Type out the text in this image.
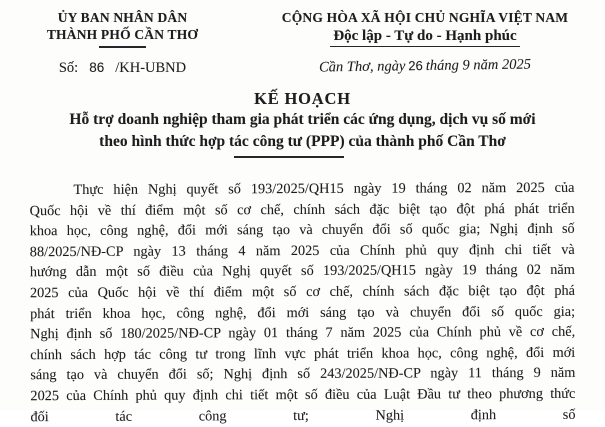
ỦY BAN NHÂN DÂN
THÀNH PHỐ CẦN THƠ
Số: 86 /KH-UBND
CỘNG HÒA XÃ HỘI CHỦ NGHĨA VIỆT NAM
Độc lập - Tự do - Hạnh phúc
Cần Thơ, ngày 26 tháng 9 năm 2025
KẾ HOẠCH
Hỗ trợ doanh nghiệp tham gia phát triển các ứng dụng, dịch vụ số mới
theo hình thức hợp tác công tư (PPP) của thành phố Cần Thơ
Thực hiện Nghị quyết số 193/2025/QH15 ngày 19 tháng 02 năm 2025 của
Quốc hội về thí điểm một số cơ chế, chính sách đặc biệt tạo đột phá phát triển
khoa học, công nghệ, đổi mới sáng tạo và chuyển đổi số quốc gia; Nghị định số
88/2025/NĐ-CP ngày 13 tháng 4 năm 2025 của Chính phủ quy định chi tiết và
hướng dẫn một số điều của Nghị quyết số 193/2025/QH15 ngày 19 tháng 02 năm
2025 của Quốc hội về thí điểm một số cơ chế, chính sách đặc biệt tạo đột phá
phát triển khoa học, công nghệ, đổi mới sáng tạo và chuyển đổi số quốc gia;
Nghị định số 180/2025/NĐ-CP ngày 01 tháng 7 năm 2025 của Chính phủ về cơ chế,
chính sách hợp tác công tư trong lĩnh vực phát triển khoa học, công nghệ, đổi mới
sáng tạo và chuyển đổi số; Nghị định số 243/2025/NĐ-CP ngày 11 tháng 9 năm
2025 của Chính phủ quy định chi tiết một số điều của Luật Đầu tư theo phương thức
đối tác công tư; Nghị định số
